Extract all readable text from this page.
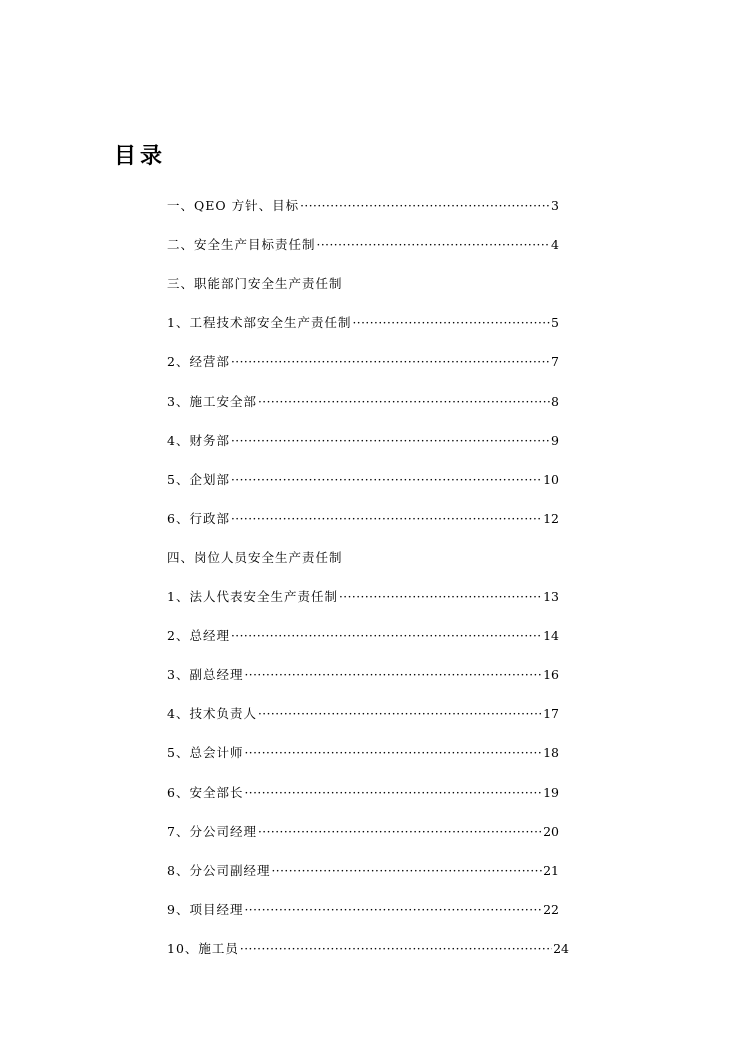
目录
一、QEO 方针、目标 ·····	3
二、安全生产目标责任制 ·····	4
三、职能部门安全生产责任制
1、工程技术部安全生产责任制 ·····	5
2、经营部 ·····	7
3、施工安全部 ·····	8
4、财务部 ·····	9
5、企划部 ·····	10
6、行政部 ·····	12
四、岗位人员安全生产责任制
1、法人代表安全生产责任制 ·····	13
2、总经理 ·····	14
3、副总经理 ·····	16
4、技术负责人 ·····	17
5、总会计师 ·····	18
6、安全部长 ·····	19
7、分公司经理 ·····	20
8、分公司副经理 ·····	21
9、项目经理 ·····	22
10、施工员 ·····	24
